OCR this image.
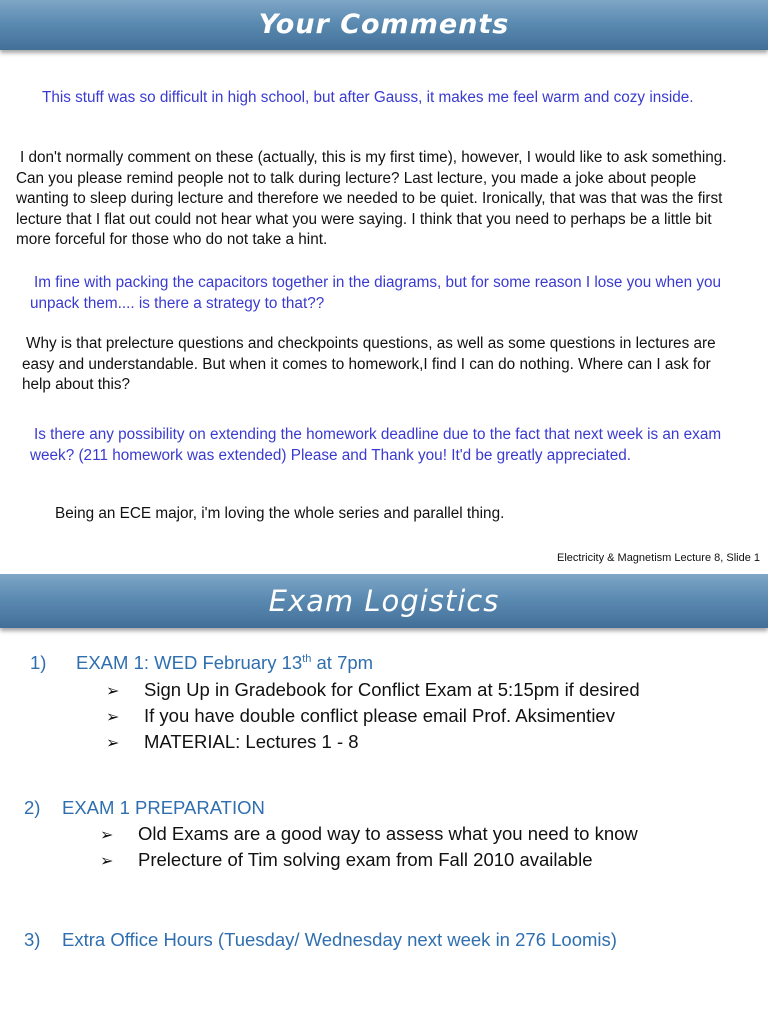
Your Comments

This stuff was so difficult in high school, but after Gauss, it makes me feel warm and cozy inside.

I don't normally comment on these (actually, this is my first time), however, I would like to ask something. Can you please remind people not to talk during lecture? Last lecture, you made a joke about people wanting to sleep during lecture and therefore we needed to be quiet. Ironically, that was that was the first lecture that I flat out could not hear what you were saying. I think that you need to perhaps be a little bit more forceful for those who do not take a hint.

Im fine with packing the capacitors together in the diagrams, but for some reason I lose you when you unpack them.... is there a strategy to that??

Why is that prelecture questions and checkpoints questions, as well as some questions in lectures are easy and understandable. But when it comes to homework,I find I can do nothing. Where can I ask for help about this?

Is there any possibility on extending the homework deadline due to the fact that next week is an exam week? (211 homework was extended) Please and Thank you! It'd be greatly appreciated.

Being an ECE major, i'm loving the whole series and parallel thing.

Electricity & Magnetism Lecture 8, Slide 1
Exam Logistics
1) EXAM 1: WED February 13th at 7pm
➢ Sign Up in Gradebook for Conflict Exam at 5:15pm if desired
➢ If you have double conflict please email Prof. Aksimentiev
➢ MATERIAL: Lectures 1 - 8
2) EXAM 1 PREPARATION
➢ Old Exams are a good way to assess what you need to know
➢ Prelecture of Tim solving exam from Fall 2010 available
3) Extra Office Hours (Tuesday/ Wednesday next week in 276 Loomis)
